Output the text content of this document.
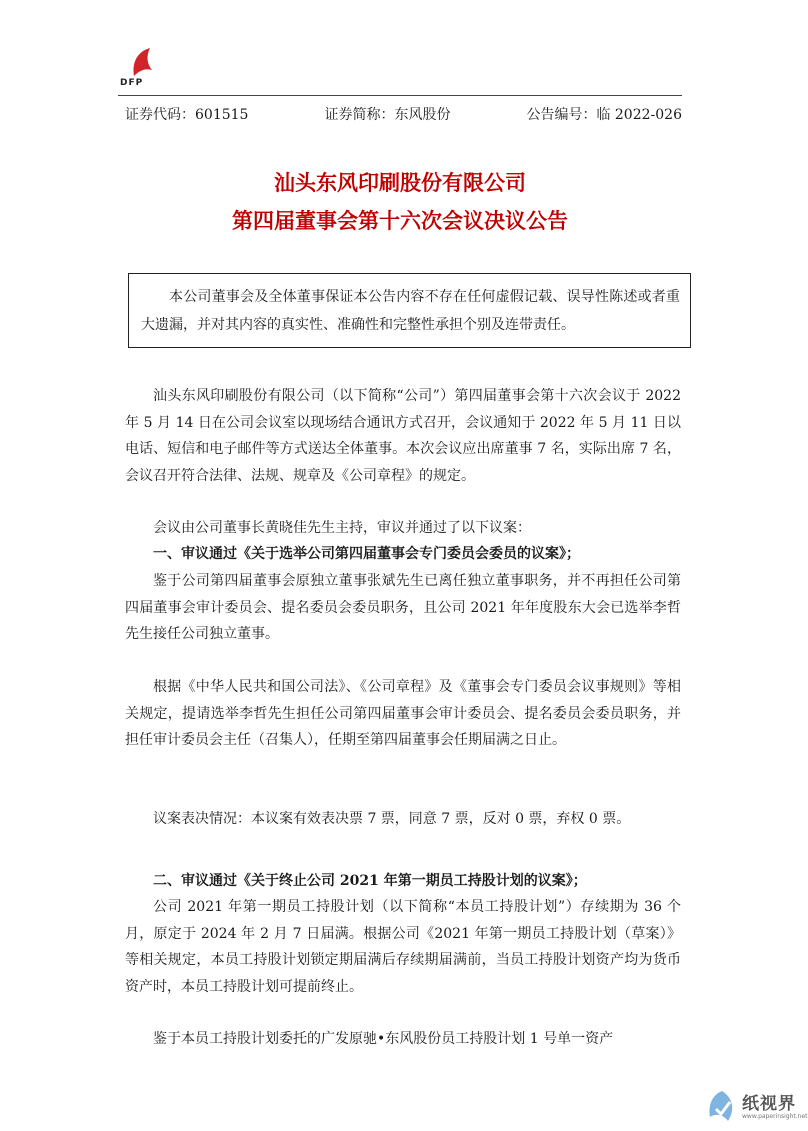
DFP
证券代码：601515	证券简称：东风股份	公告编号：临 2022-026
汕头东风印刷股份有限公司
第四届董事会第十六次会议决议公告
本公司董事会及全体董事保证本公告内容不存在任何虚假记载、误导性陈述或者重大遗漏，并对其内容的真实性、准确性和完整性承担个别及连带责任。
汕头东风印刷股份有限公司（以下简称“公司”）第四届董事会第十六次会议于 2022 年 5 月 14 日在公司会议室以现场结合通讯方式召开，会议通知于 2022 年 5 月 11 日以电话、短信和电子邮件等方式送达全体董事。本次会议应出席董事 7 名，实际出席 7 名，会议召开符合法律、法规、规章及《公司章程》的规定。
会议由公司董事长黄晓佳先生主持，审议并通过了以下议案：
一、审议通过《关于选举公司第四届董事会专门委员会委员的议案》；
鉴于公司第四届董事会原独立董事张斌先生已离任独立董事职务，并不再担任公司第四届董事会审计委员会、提名委员会委员职务，且公司 2021 年年度股东大会已选举李哲先生接任公司独立董事。
根据《中华人民共和国公司法》、《公司章程》及《董事会专门委员会议事规则》等相关规定，提请选举李哲先生担任公司第四届董事会审计委员会、提名委员会委员职务，并担任审计委员会主任（召集人），任期至第四届董事会任期届满之日止。
议案表决情况：本议案有效表决票 7 票，同意 7 票，反对 0 票，弃权 0 票。
二、审议通过《关于终止公司 2021 年第一期员工持股计划的议案》；
公司 2021 年第一期员工持股计划（以下简称“本员工持股计划”）存续期为 36 个月，原定于 2024 年 2 月 7 日届满。根据公司《2021 年第一期员工持股计划（草案）》等相关规定，本员工持股计划锁定期届满后存续期届满前，当员工持股计划资产均为货币资产时，本员工持股计划可提前终止。
鉴于本员工持股计划委托的广发原驰•东风股份员工持股计划 1 号单一资产
纸视界
www.paperinsight.net
